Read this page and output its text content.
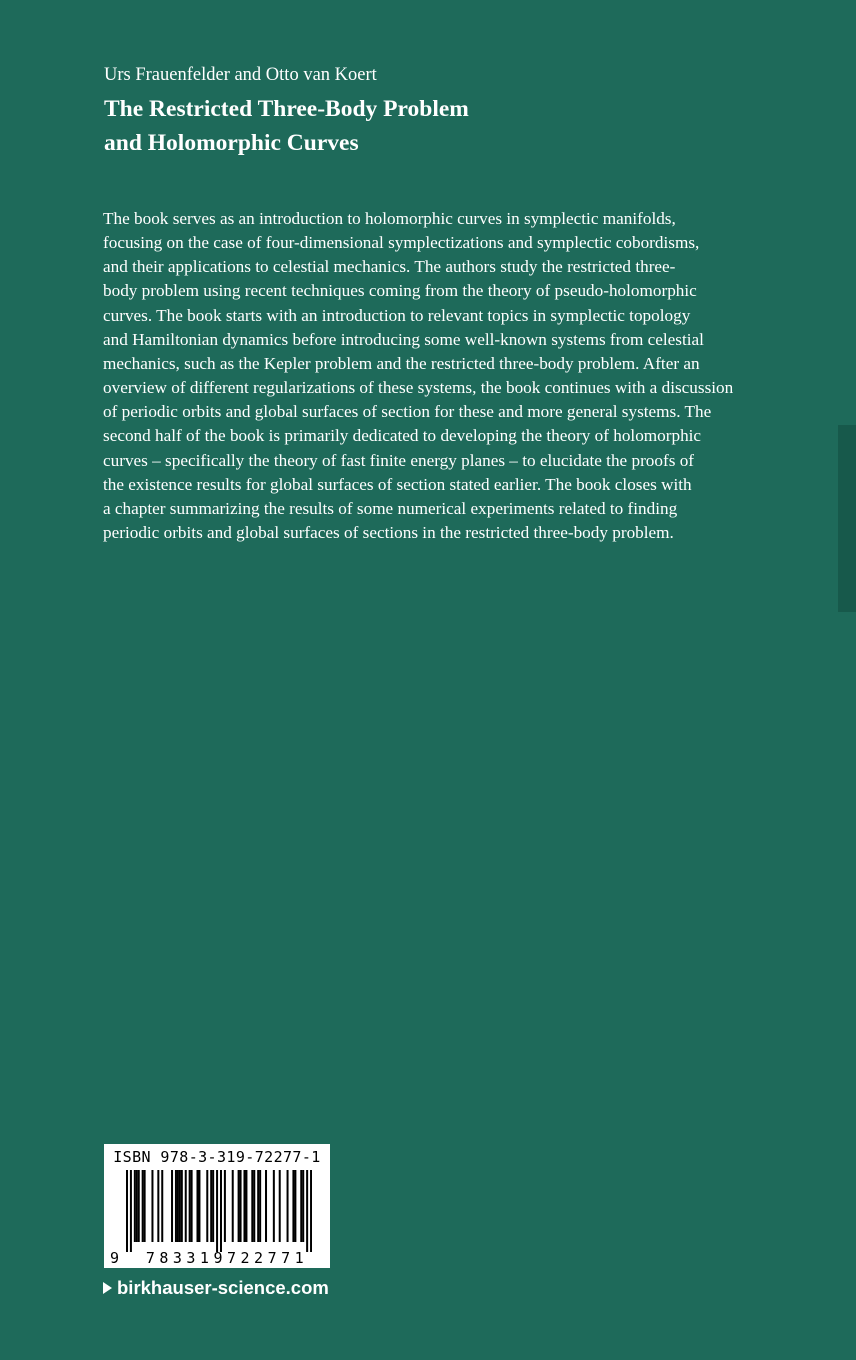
Urs Frauenfelder and Otto van Koert

The Restricted Three-Body Problem
and Holomorphic Curves

The book serves as an introduction to holomorphic curves in symplectic manifolds,
focusing on the case of four-dimensional symplectizations and symplectic cobordisms,
and their applications to celestial mechanics. The authors study the restricted three-
body problem using recent techniques coming from the theory of pseudo-holomorphic
curves. The book starts with an introduction to relevant topics in symplectic topology
and Hamiltonian dynamics before introducing some well-known systems from celestial
mechanics, such as the Kepler problem and the restricted three-body problem. After an
overview of different regularizations of these systems, the book continues with a discussion
of periodic orbits and global surfaces of section for these and more general systems. The
second half of the book is primarily dedicated to developing the theory of holomorphic
curves – specifically the theory of fast finite energy planes – to elucidate the proofs of
the existence results for global surfaces of section stated earlier. The book closes with
a chapter summarizing the results of some numerical experiments related to finding
periodic orbits and global surfaces of sections in the restricted three-body problem.

ISBN 978-3-319-72277-1
9	783319722771
birkhauser-science.com
